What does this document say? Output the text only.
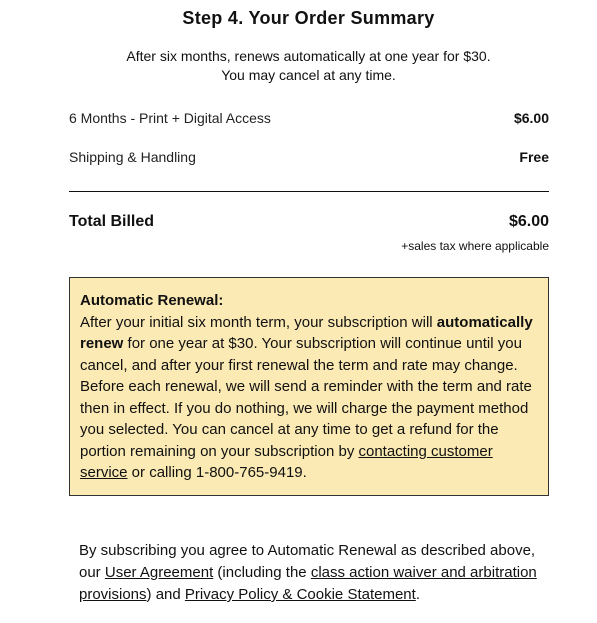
Step 4. Your Order Summary
After six months, renews automatically at one year for $30.
You may cancel at any time.
6 Months - Print + Digital Access	$6.00
Shipping & Handling	Free
Total Billed	$6.00
+sales tax where applicable
Automatic Renewal:
After your initial six month term, your subscription will automatically renew for one year at $30. Your subscription will continue until you cancel, and after your first renewal the term and rate may change. Before each renewal, we will send a reminder with the term and rate then in effect. If you do nothing, we will charge the payment method you selected. You can cancel at any time to get a refund for the portion remaining on your subscription by contacting customer service or calling 1-800-765-9419.
By subscribing you agree to Automatic Renewal as described above, our User Agreement (including the class action waiver and arbitration provisions) and Privacy Policy & Cookie Statement.
